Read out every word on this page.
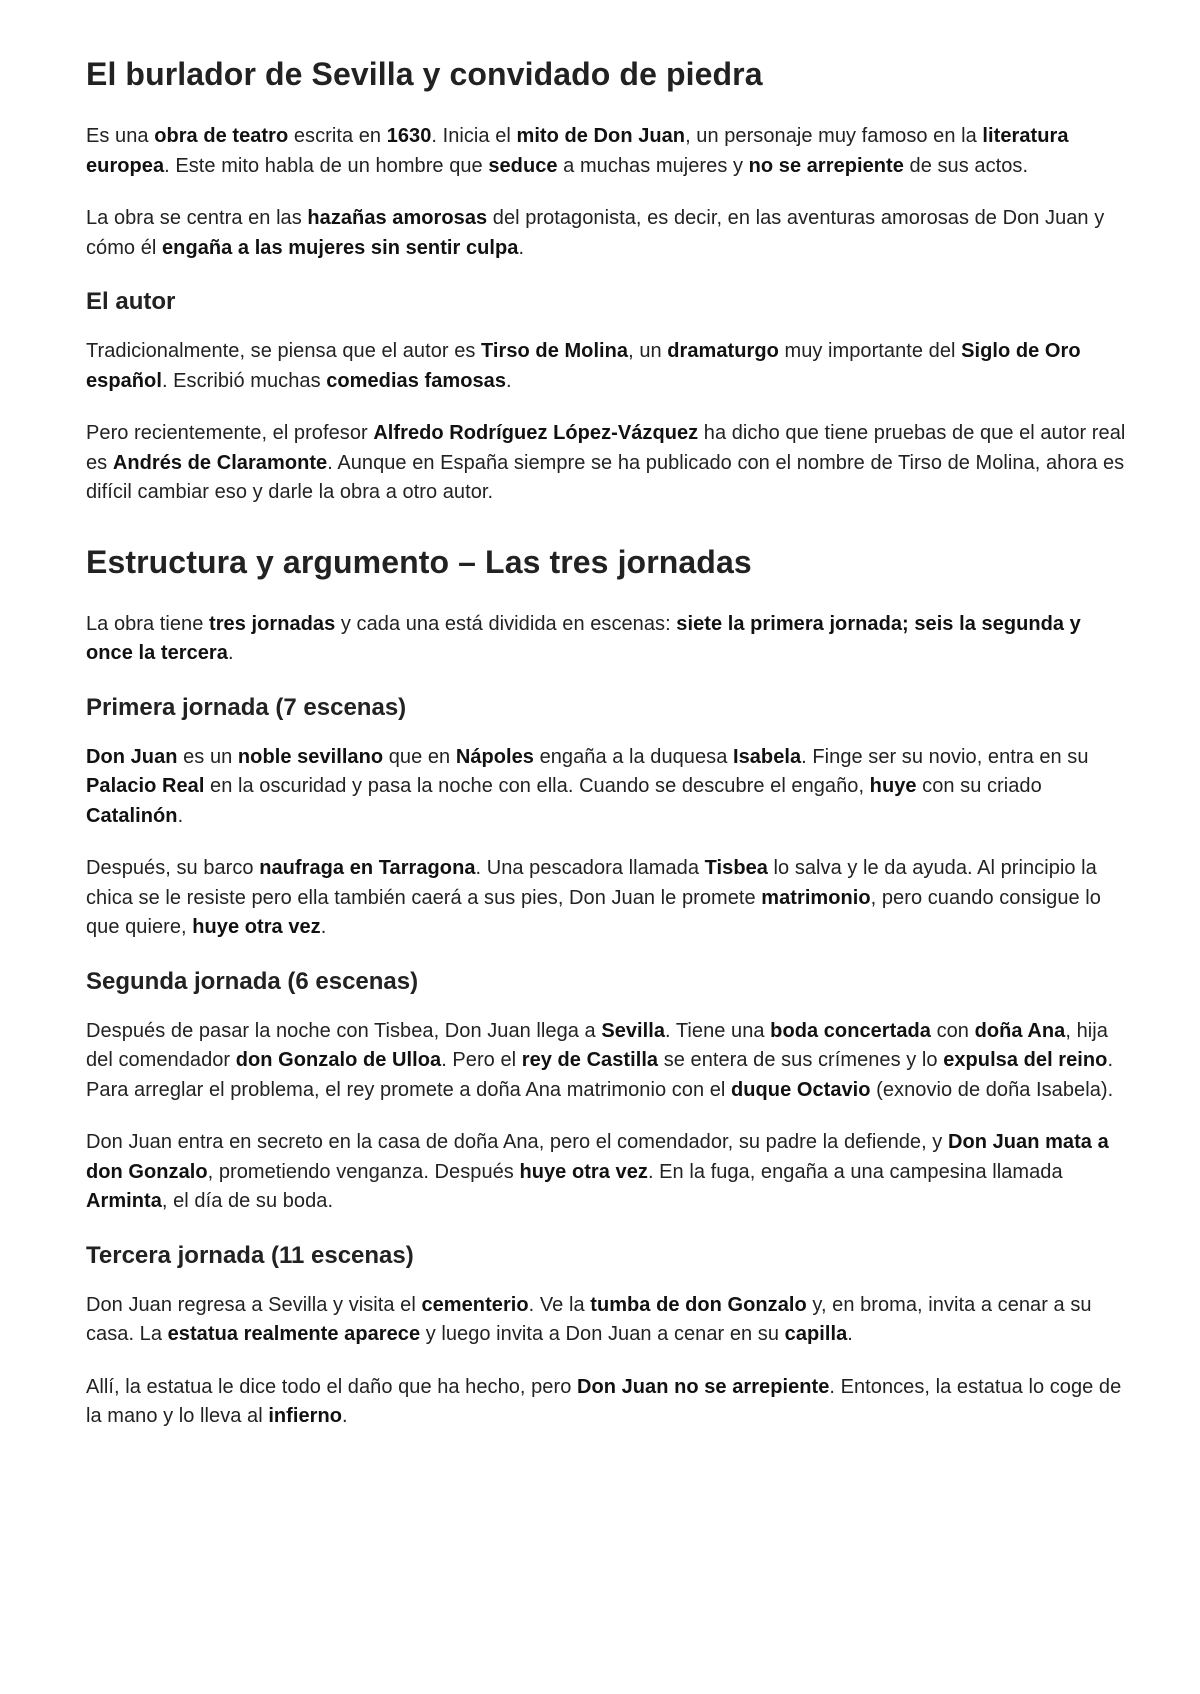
El burlador de Sevilla y convidado de piedra

Es una obra de teatro escrita en 1630. Inicia el mito de Don Juan, un personaje muy famoso en la literatura europea. Este mito habla de un hombre que seduce a muchas mujeres y no se arrepiente de sus actos.

La obra se centra en las hazañas amorosas del protagonista, es decir, en las aventuras amorosas de Don Juan y cómo él engaña a las mujeres sin sentir culpa.

El autor

Tradicionalmente, se piensa que el autor es Tirso de Molina, un dramaturgo muy importante del Siglo de Oro español. Escribió muchas comedias famosas.

Pero recientemente, el profesor Alfredo Rodríguez López-Vázquez ha dicho que tiene pruebas de que el autor real es Andrés de Claramonte. Aunque en España siempre se ha publicado con el nombre de Tirso de Molina, ahora es difícil cambiar eso y darle la obra a otro autor.

Estructura y argumento – Las tres jornadas

La obra tiene tres jornadas y cada una está dividida en escenas: siete la primera jornada; seis la segunda y once la tercera.

Primera jornada (7 escenas)

Don Juan es un noble sevillano que en Nápoles engaña a la duquesa Isabela. Finge ser su novio, entra en su Palacio Real en la oscuridad y pasa la noche con ella. Cuando se descubre el engaño, huye con su criado Catalinón.

Después, su barco naufraga en Tarragona. Una pescadora llamada Tisbea lo salva y le da ayuda. Al principio la chica se le resiste pero ella también caerá a sus pies, Don Juan le promete matrimonio, pero cuando consigue lo que quiere, huye otra vez.

Segunda jornada (6 escenas)

Después de pasar la noche con Tisbea, Don Juan llega a Sevilla. Tiene una boda concertada con doña Ana, hija del comendador don Gonzalo de Ulloa. Pero el rey de Castilla se entera de sus crímenes y lo expulsa del reino. Para arreglar el problema, el rey promete a doña Ana matrimonio con el duque Octavio (exnovio de doña Isabela).

Don Juan entra en secreto en la casa de doña Ana, pero el comendador, su padre la defiende, y Don Juan mata a don Gonzalo, prometiendo venganza. Después huye otra vez. En la fuga, engaña a una campesina llamada Arminta, el día de su boda.

Tercera jornada (11 escenas)

Don Juan regresa a Sevilla y visita el cementerio. Ve la tumba de don Gonzalo y, en broma, invita a cenar a su casa. La estatua realmente aparece y luego invita a Don Juan a cenar en su capilla.

Allí, la estatua le dice todo el daño que ha hecho, pero Don Juan no se arrepiente. Entonces, la estatua lo coge de la mano y lo lleva al infierno.
